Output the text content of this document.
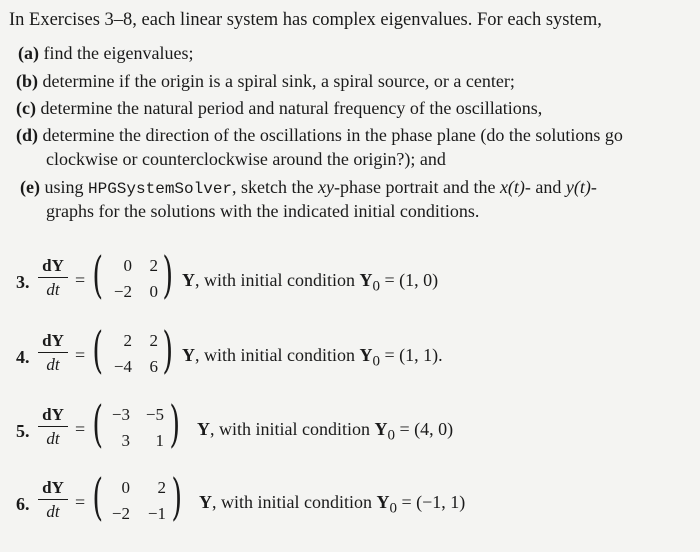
In Exercises 3–8, each linear system has complex eigenvalues. For each system,
(a) find the eigenvalues;
(b) determine if the origin is a spiral sink, a spiral source, or a center;
(c) determine the natural period and natural frequency of the oscillations,
(d) determine the direction of the oscillations in the phase plane (do the solutions go
clockwise or counterclockwise around the origin?); and
(e) using HPGSystemSolver, sketch the xy-phase portrait and the x(t)- and y(t)-
graphs for the solutions with the indicated initial conditions.
3.
dY
dt = (	0	2
−2	0 ) Y, with initial condition $Y_0 = (1$, 0)
4.
dY
dt = (	2	2
−4	6 ) Y, with initial condition $Y_0 = (1$, 1).
5.
dY
dt = ( −3 −5
3	1 ) Y, with initial condition $Y_0 = (4$, 0)
6.
dY
dt = (	0	2
−2	−1 ) Y, with initial condition $Y_0 = (-1$, 1)
